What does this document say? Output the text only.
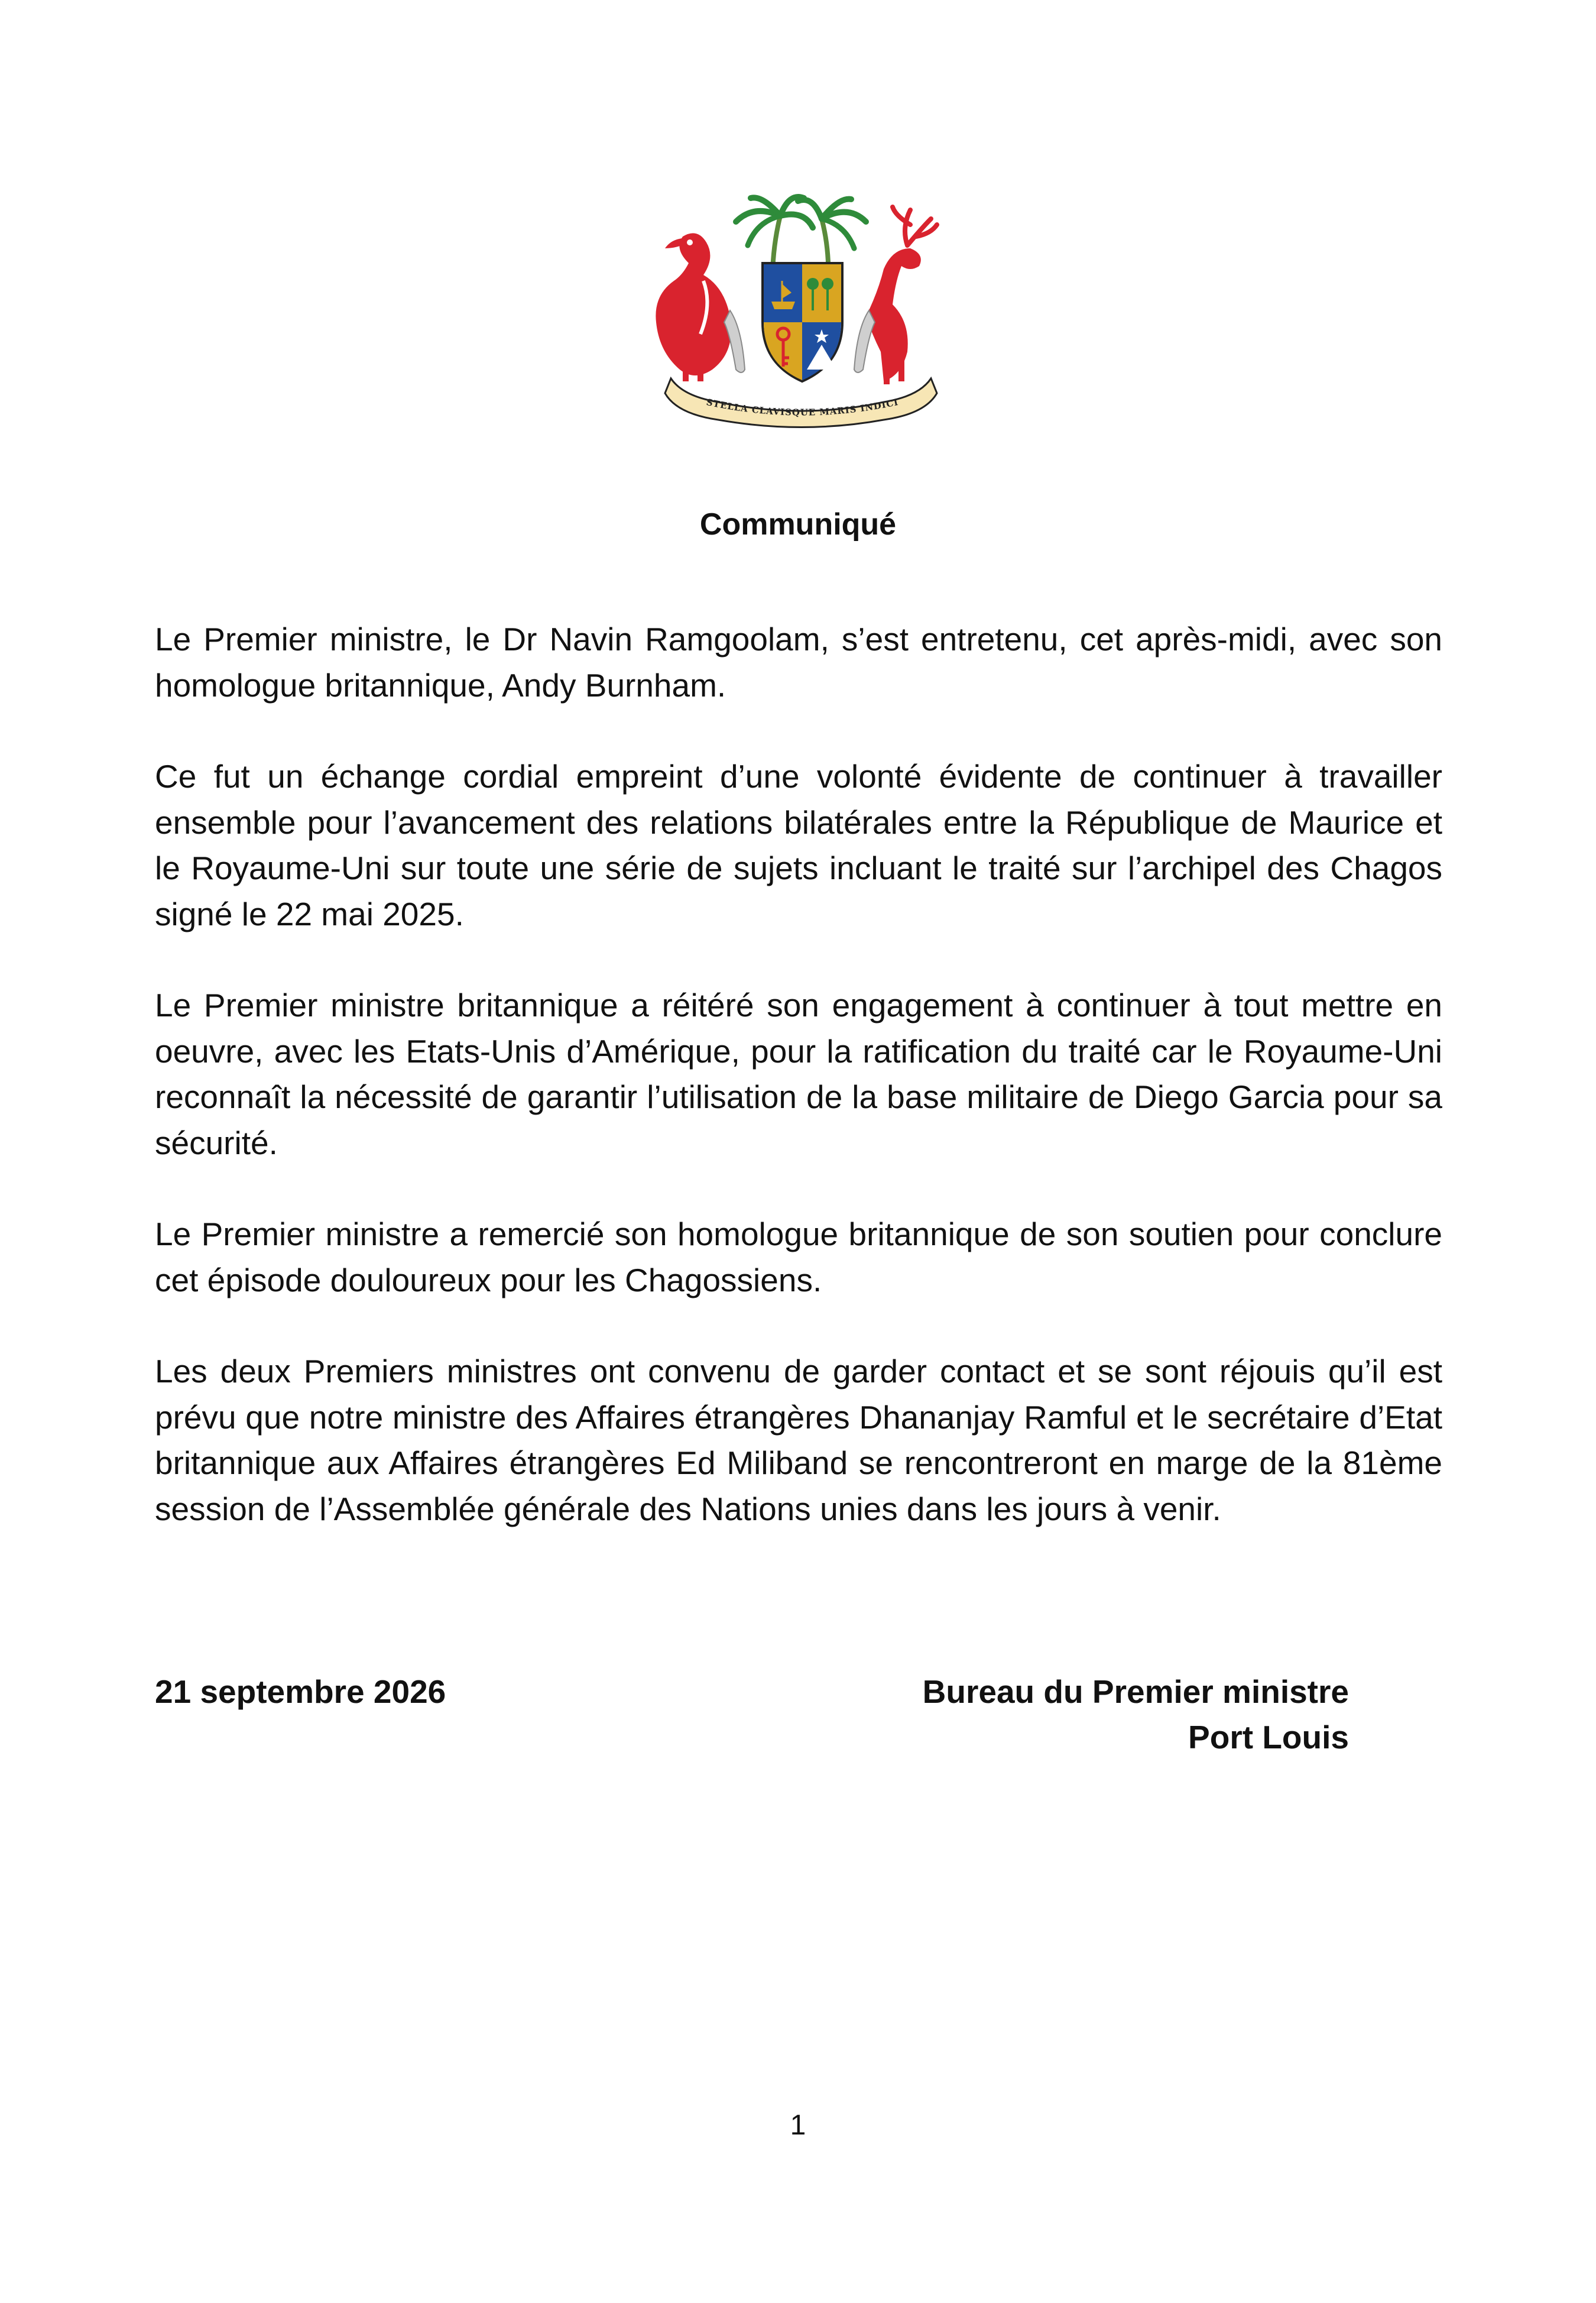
STELLA CLAVISQUE MARIS INDICI
Communiqué

Le Premier ministre, le Dr Navin Ramgoolam, s’est entretenu, cet après-midi, avec son homologue britannique, Andy Burnham.

Ce fut un échange cordial empreint d’une volonté évidente de continuer à travailler ensemble pour l’avancement des relations bilatérales entre la République de Maurice et le Royaume-Uni sur toute une série de sujets incluant le traité sur l’archipel des Chagos signé le 22 mai 2025.

Le Premier ministre britannique a réitéré son engagement à continuer à tout mettre en oeuvre, avec les Etats-Unis d’Amérique, pour la ratification du traité car le Royaume-Uni reconnaît la nécessité de garantir l’utilisation de la base militaire de Diego Garcia pour sa sécurité.

Le Premier ministre a remercié son homologue britannique de son soutien pour conclure cet épisode douloureux pour les Chagossiens.

Les deux Premiers ministres ont convenu de garder contact et se sont réjouis qu’il est prévu que notre ministre des Affaires étrangères Dhananjay Ramful et le secrétaire d’Etat britannique aux Affaires étrangères Ed Miliband se rencontreront en marge de la 81ème session de l’Assemblée générale des Nations unies dans les jours à venir.

21 septembre 2026	Bureau du Premier ministre
Port Louis
1
